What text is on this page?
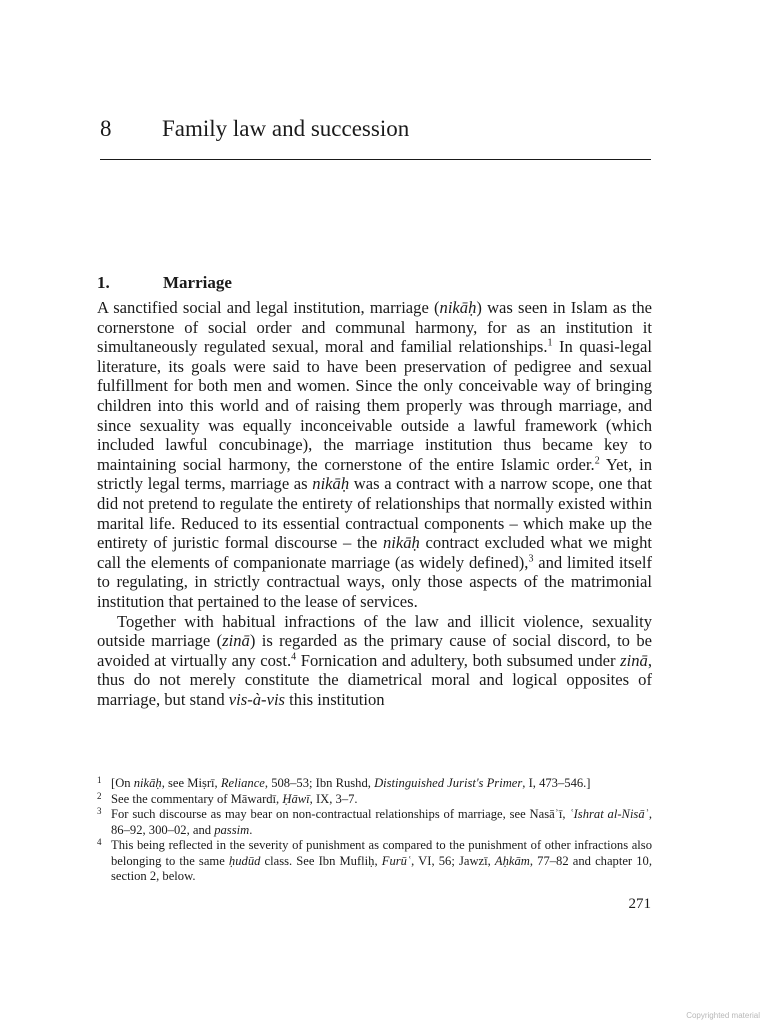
8 Family law and succession
1.	Marriage

A sanctified social and legal institution, marriage (nikāḥ) was seen in Islam as the cornerstone of social order and communal harmony, for as an institution it simultaneously regulated sexual, moral and familial relationships.$^1$ In quasi-legal literature, its goals were said to have been preservation of pedigree and sexual fulfillment for both men and women. Since the only conceivable way of bringing children into this world and of raising them properly was through marriage, and since sexuality was equally inconceivable outside a lawful framework (which included lawful concubinage), the marriage institution thus became key to maintaining social harmony, the cornerstone of the entire Islamic order.$^2$ Yet, in strictly legal terms, marriage as nikāḥ was a contract with a narrow scope, one that did not pretend to regulate the entirety of relationships that normally existed within marital life. Reduced to its essential contractual components – which make up the entirety of juristic formal discourse – the nikāḥ contract excluded what we might call the elements of companionate marriage (as widely defined),$^3$ and limited itself to regulating, in strictly contractual ways, only those aspects of the matrimonial institution that pertained to the lease of services.

Together with habitual infractions of the law and illicit violence, sexuality outside marriage (zinā) is regarded as the primary cause of social discord, to be avoided at virtually any cost.$^4$ Fornication and adultery, both subsumed under zinā, thus do not merely constitute the diametrical moral and logical opposites of marriage, but stand vis-à-vis this institution

1 [On nikāḥ, see Miṣrī, Reliance, 508–53; Ibn Rushd, Distinguished Jurist's Primer, I, 473–546.]
2 See the commentary of Māwardī, Ḥāwī, IX, 3–7.
3 For such discourse as may bear on non-contractual relationships of marriage, see Nasāʾī, ʿIshrat al-Nisāʾ, 86–92, 300–02, and passim.
4 This being reflected in the severity of punishment as compared to the punishment of other infractions also belonging to the same ḥudūd class. See Ibn Mufliḥ, Furūʿ, VI, 56; Jawzī, Aḥkām, 77–82 and chapter 10, section 2, below.
271
Copyrighted material
